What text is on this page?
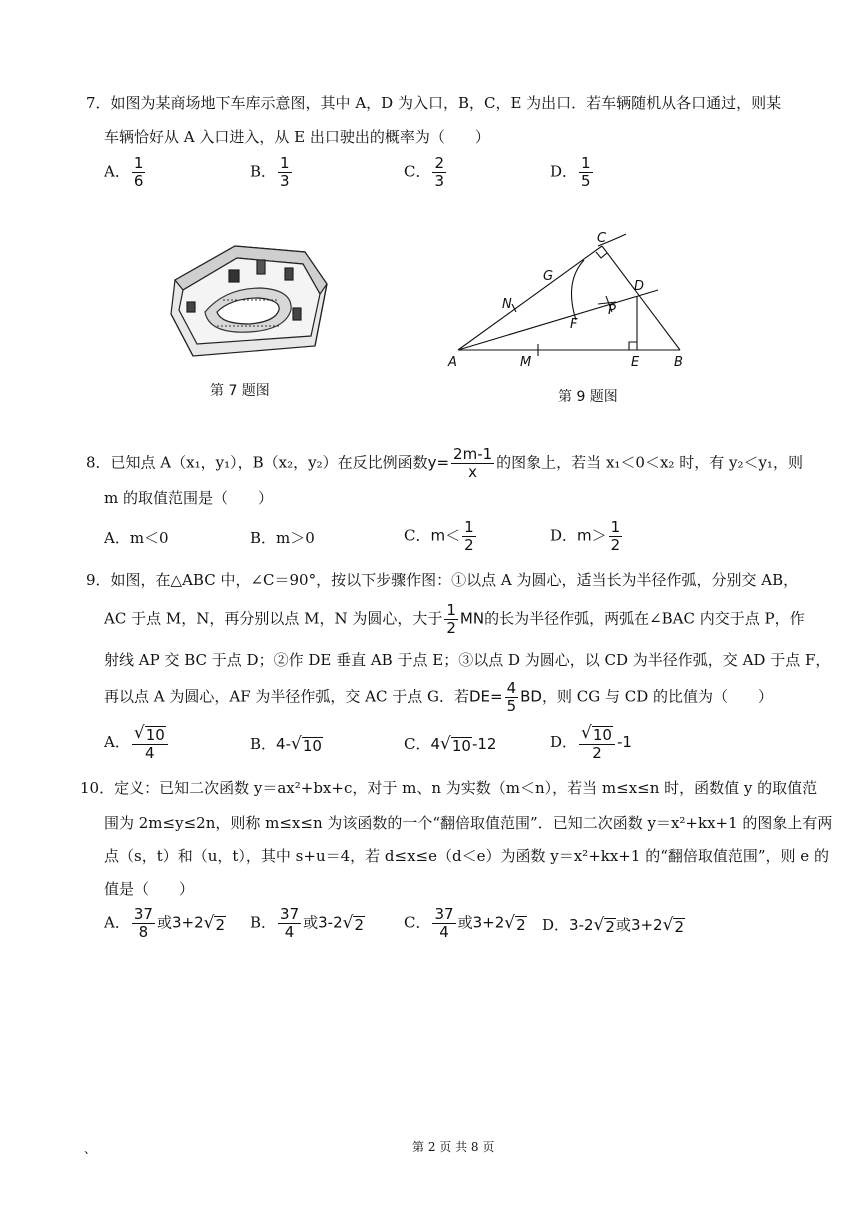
7．如图为某商场地下车库示意图，其中 A，D 为入口，B，C，E 为出口．若车辆随机从各口通过，则某
车辆恰好从 A 入口进入，从 E 出口驶出的概率为（　　）
A． $\frac{1}{6}$	B． $\frac{1}{3}$	C． $\frac{2}{3}$	D． $\frac{1}{5}$
第 7 题图
A	B
C
D
E
F
G
M
N	P
第 9 题图
8．已知点 A（x₁，y₁），B（x₂，y₂）在反比例函数$y= \frac{2m-1}{x}$ 的图象上，若当 x₁＜0＜x₂ 时，有 y₂＜y₁，则
m 的取值范围是（　　）
A．m＜0	B．m＞0	C．$m< \frac{1}{2}$	D．$m> \frac{1}{2}$
9．如图，在△ABC 中，∠C＝90°，按以下步骤作图：①以点 A 为圆心，适当长为半径作弧，分别交 AB，
AC 于点 M，N，再分别以点 M，N 为圆心，大于 $\frac{1}{2}$ MN的长为半径作弧，两弧在∠BAC 内交于点 P，作
射线 AP 交 BC 于点 D；②作 DE 垂直 AB 于点 E；③以点 D 为圆心，以 CD 为半径作弧，交 AD 于点 F，
再以点 A 为圆心，AF 为半径作弧，交 AC 于点 G．若$DE= \frac{4}{5}$ BD，则 CG 与 CD 的比值为（　　）
A． $\frac{√ 10}{4}$	B．4- √ 10	C．4 √ 10 -12	D． $\frac{√ 10}{2} -1$
10．定义：已知二次函数 y＝ax²+bx+c，对于 m、n 为实数（m＜n），若当 m≤x≤n 时，函数值 y 的取值范
围为 2m≤y≤2n，则称 m≤x≤n 为该函数的一个“翻倍取值范围”．已知二次函数 y＝x²+kx+1 的图象上有两
点（s，t）和（u，t），其中 s+u＝4，若 d≤x≤e（d＜e）为函数 y＝x²+kx+1 的“翻倍取值范围”，则 e 的
值是（　　）
A． $\frac{37}{8}$ 或3+2 √ 2 B． $\frac{37}{4}$ 或3-2 √ 2	C． $\frac{37}{4}$ 或3+2 √ 2 D．3-2 √ 2 或3+2 √ 2
、	第 2 页 共 8 页
